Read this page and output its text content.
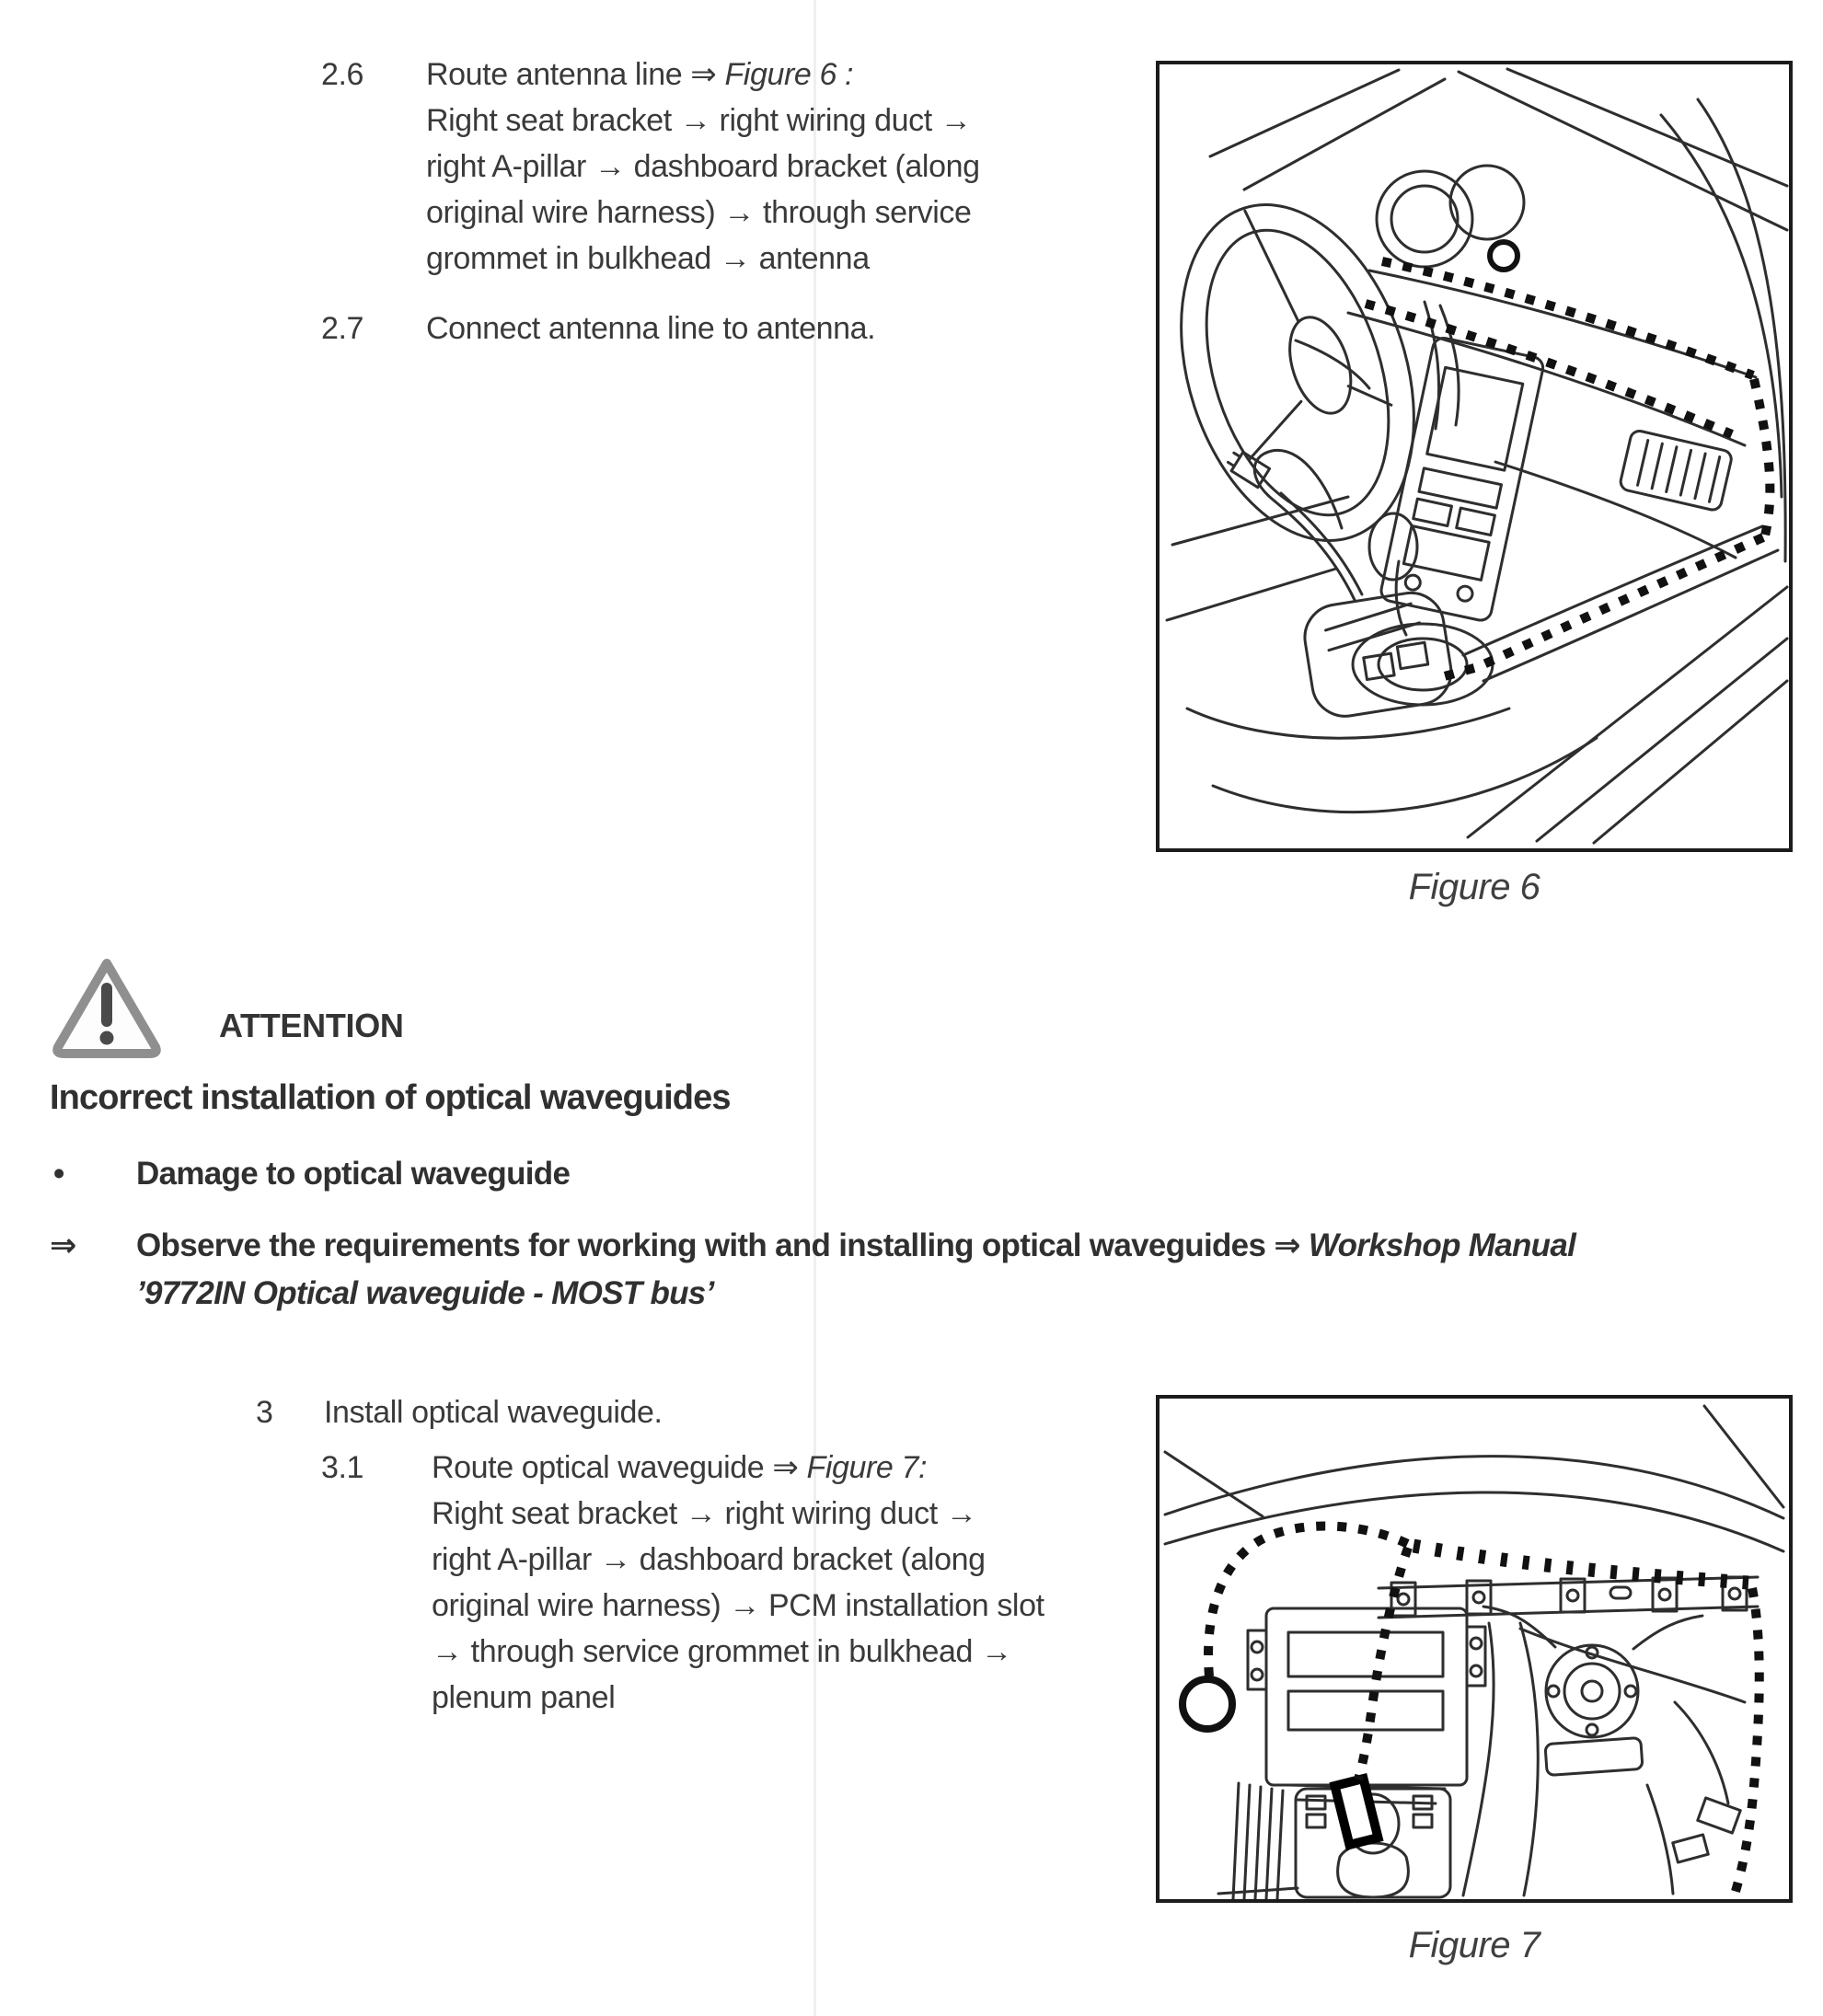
2.6	Route antenna line ⇒ Figure 6 :
Right seat bracket → right wiring duct →
right A-pillar → dashboard bracket (along
original wire harness) → through service
grommet in bulkhead → antenna
2.7	Connect antenna line to antenna.
Figure 6
ATTENTION
Incorrect installation of optical waveguides
•	Damage to optical waveguide
⇒	Observe the requirements for working with and installing optical waveguides ⇒ Workshop Manual
’9772IN Optical waveguide - MOST bus’
3	Install optical waveguide.
3.1	Route optical waveguide ⇒ Figure 7:
Right seat bracket → right wiring duct →
right A-pillar → dashboard bracket (along
original wire harness) → PCM installation slot
→ through service grommet in bulkhead →
plenum panel
Figure 7
